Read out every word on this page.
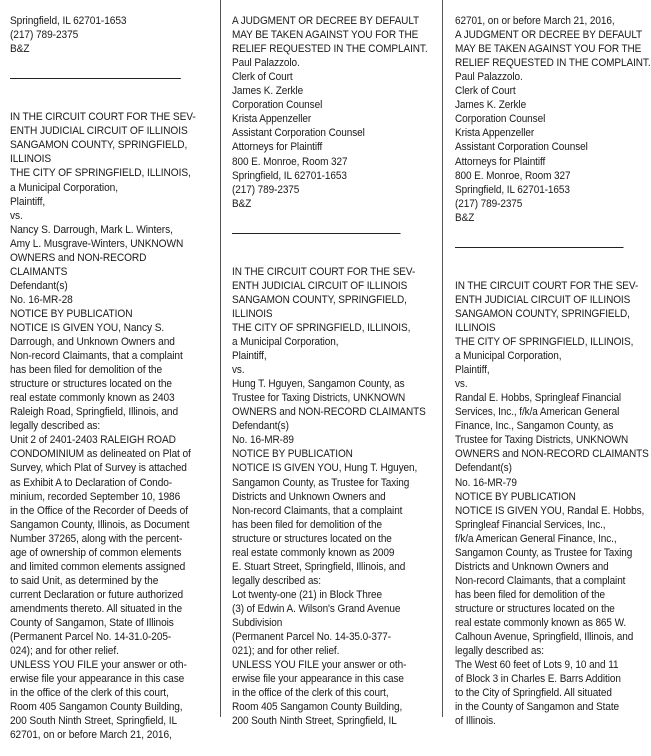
Springfield, IL 62701-1653
(217) 789-2375
B&Z

IN THE CIRCUIT COURT FOR THE SEV-
ENTH JUDICIAL CIRCUIT OF ILLINOIS
SANGAMON COUNTY, SPRINGFIELD,
ILLINOIS
THE CITY OF SPRINGFIELD, ILLINOIS,
a Municipal Corporation,
Plaintiff,
vs.
Nancy S. Darrough, Mark L. Winters,
Amy L. Musgrave-Winters, UNKNOWN
OWNERS and NON-RECORD CLAIMANTS
Defendant(s)
No. 16-MR-28
NOTICE BY PUBLICATION
NOTICE IS GIVEN YOU, Nancy S.
Darrough, and Unknown Owners and
Non-record Claimants, that a complaint
has been filed for demolition of the
structure or structures located on the
real estate commonly known as 2403
Raleigh Road, Springfield, Illinois, and
legally described as:
Unit 2 of 2401-2403 RALEIGH ROAD
CONDOMINIUM as delineated on Plat of
Survey, which Plat of Survey is attached
as Exhibit A to Declaration of Condo-
minium, recorded September 10, 1986
in the Office of the Recorder of Deeds of
Sangamon County, Illinois, as Document
Number 37265, along with the percent-
age of ownership of common elements
and limited common elements assigned
to said Unit, as determined by the
current Declaration or future authorized
amendments thereto. All situated in the
County of Sangamon, State of Illinois
(Permanent Parcel No. 14-31.0-205-
024); and for other relief.
UNLESS YOU FILE your answer or oth-
erwise file your appearance in this case
in the office of the clerk of this court,
Room 405 Sangamon County Building,
200 South Ninth Street, Springfield, IL
62701, on or before March 21, 2016,

A JUDGMENT OR DECREE BY DEFAULT
MAY BE TAKEN AGAINST YOU FOR THE
RELIEF REQUESTED IN THE COMPLAINT.
Paul Palazzolo.
Clerk of Court
James K. Zerkle
Corporation Counsel
Krista Appenzeller
Assistant Corporation Counsel
Attorneys for Plaintiff
800 E. Monroe, Room 327
Springfield, IL 62701-1653
(217) 789-2375
B&Z

IN THE CIRCUIT COURT FOR THE SEV-
ENTH JUDICIAL CIRCUIT OF ILLINOIS
SANGAMON COUNTY, SPRINGFIELD,
ILLINOIS
THE CITY OF SPRINGFIELD, ILLINOIS,
a Municipal Corporation,
Plaintiff,
vs.
Hung T. Hguyen, Sangamon County, as
Trustee for Taxing Districts, UNKNOWN
OWNERS and NON-RECORD CLAIMANTS
Defendant(s)
No. 16-MR-89
NOTICE BY PUBLICATION
NOTICE IS GIVEN YOU, Hung T. Hguyen,
Sangamon County, as Trustee for Taxing
Districts and Unknown Owners and
Non-record Claimants, that a complaint
has been filed for demolition of the
structure or structures located on the
real estate commonly known as 2009
E. Stuart Street, Springfield, Illinois, and
legally described as:
Lot twenty-one (21) in Block Three
(3) of Edwin A. Wilson's Grand Avenue
Subdivision
(Permanent Parcel No. 14-35.0-377-
021); and for other relief.
UNLESS YOU FILE your answer or oth-
erwise file your appearance in this case
in the office of the clerk of this court,
Room 405 Sangamon County Building,
200 South Ninth Street, Springfield, IL

62701, on or before March 21, 2016,
A JUDGMENT OR DECREE BY DEFAULT
MAY BE TAKEN AGAINST YOU FOR THE
RELIEF REQUESTED IN THE COMPLAINT.
Paul Palazzolo.
Clerk of Court
James K. Zerkle
Corporation Counsel
Krista Appenzeller
Assistant Corporation Counsel
Attorneys for Plaintiff
800 E. Monroe, Room 327
Springfield, IL 62701-1653
(217) 789-2375
B&Z

IN THE CIRCUIT COURT FOR THE SEV-
ENTH JUDICIAL CIRCUIT OF ILLINOIS
SANGAMON COUNTY, SPRINGFIELD,
ILLINOIS
THE CITY OF SPRINGFIELD, ILLINOIS,
a Municipal Corporation,
Plaintiff,
vs.
Randal E. Hobbs, Springleaf Financial
Services, Inc., f/k/a American General
Finance, Inc., Sangamon County, as
Trustee for Taxing Districts, UNKNOWN
OWNERS and NON-RECORD CLAIMANTS
Defendant(s)
No. 16-MR-79
NOTICE BY PUBLICATION
NOTICE IS GIVEN YOU, Randal E. Hobbs,
Springleaf Financial Services, Inc.,
f/k/a American General Finance, Inc.,
Sangamon County, as Trustee for Taxing
Districts and Unknown Owners and
Non-record Claimants, that a complaint
has been filed for demolition of the
structure or structures located on the
real estate commonly known as 865 W.
Calhoun Avenue, Springfield, Illinois, and
legally described as:
The West 60 feet of Lots 9, 10 and 11
of Block 3 in Charles E. Barrs Addition
to the City of Springfield. All situated
in the County of Sangamon and State
of Illinois.
